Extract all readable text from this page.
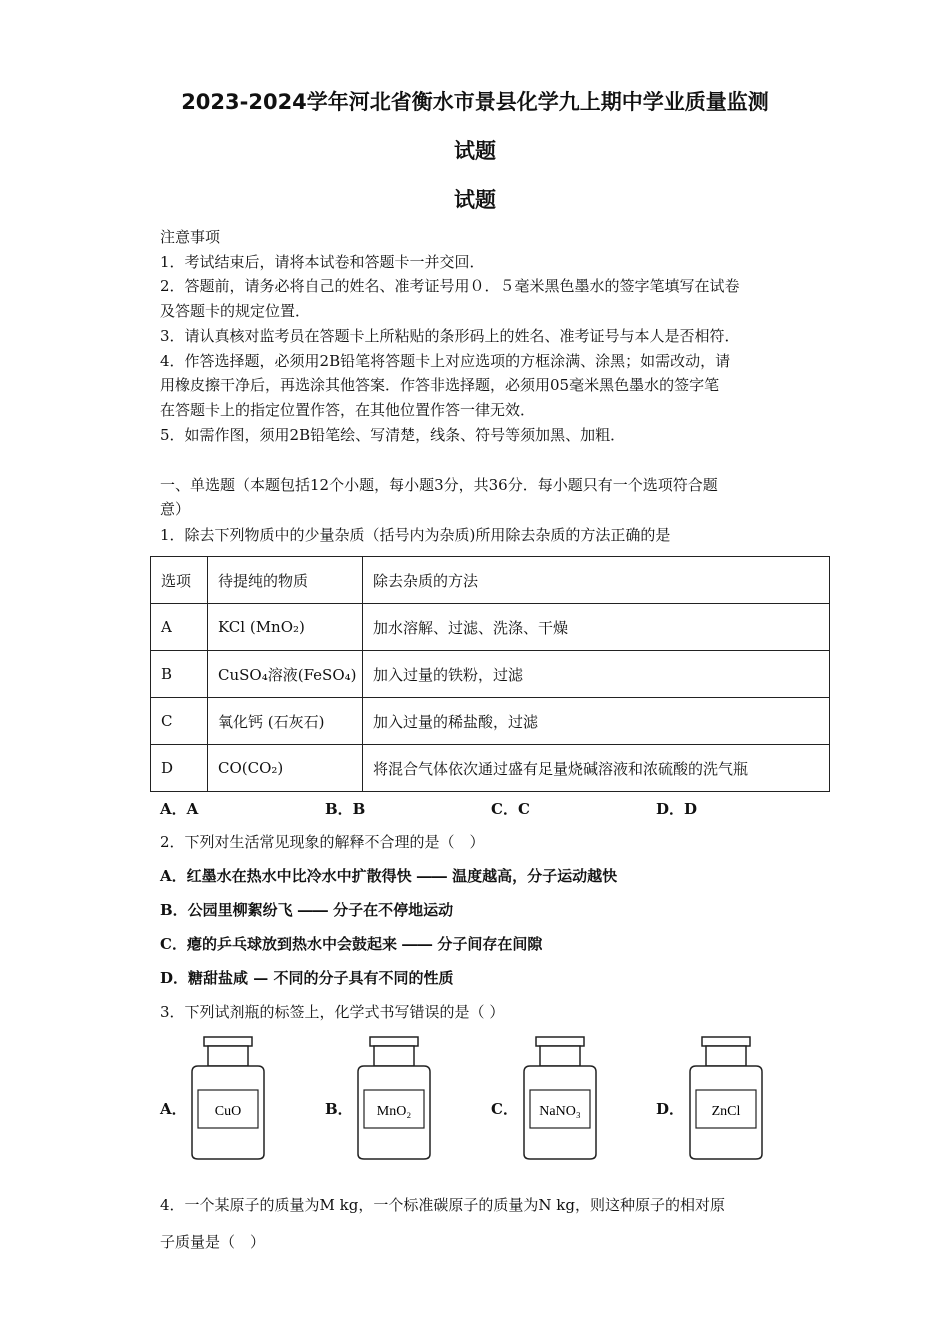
2023-2024学年河北省衡水市景县化学九上期中学业质量监测
试题
试题

注意事项

1．考试结束后，请将本试卷和答题卡一并交回．

2．答题前，请务必将自己的姓名、准考证号用０．５毫米黑色墨水的签字笔填写在试卷

及答题卡的规定位置．

3．请认真核对监考员在答题卡上所粘贴的条形码上的姓名、准考证号与本人是否相符．

4．作答选择题，必须用2B铅笔将答题卡上对应选项的方框涂满、涂黑；如需改动，请

用橡皮擦干净后，再选涂其他答案．作答非选择题，必须用05毫米黑色墨水的签字笔

在答题卡上的指定位置作答，在其他位置作答一律无效．

5．如需作图，须用2B铅笔绘、写清楚，线条、符号等须加黑、加粗．

一、单选题（本题包括12个小题，每小题3分，共36分．每小题只有一个选项符合题

意）

1．除去下列物质中的少量杂质（括号内为杂质)所用除去杂质的方法正确的是

选项	待提纯的物质	除去杂质的方法
A	KCl (MnO₂)	加水溶解、过滤、洗涤、干燥
B	CuSO₄溶液(FeSO₄)	加入过量的铁粉，过滤
C	氧化钙 (石灰石)	加入过量的稀盐酸，过滤
D	CO(CO₂)	将混合气体依次通过盛有足量烧碱溶液和浓硫酸的洗气瓶
A．A	B．B	C．C	D．D

2．下列对生活常见现象的解释不合理的是（　）

A．红墨水在热水中比冷水中扩散得快 ―― 温度越高，分子运动越快

B．公园里柳絮纷飞 ―― 分子在不停地运动

C．瘪的乒乓球放到热水中会鼓起来 ―― 分子间存在间隙

D．糖甜盐咸 — 不同的分子具有不同的性质

3．下列试剂瓶的标签上，化学式书写错误的是（ ）

A．	B．	C．	D．
CuO	MnO₂	NaNO₃	ZnCl

4．一个某原子的质量为M kg，一个标准碳原子的质量为N kg，则这种原子的相对原

子质量是（　）
